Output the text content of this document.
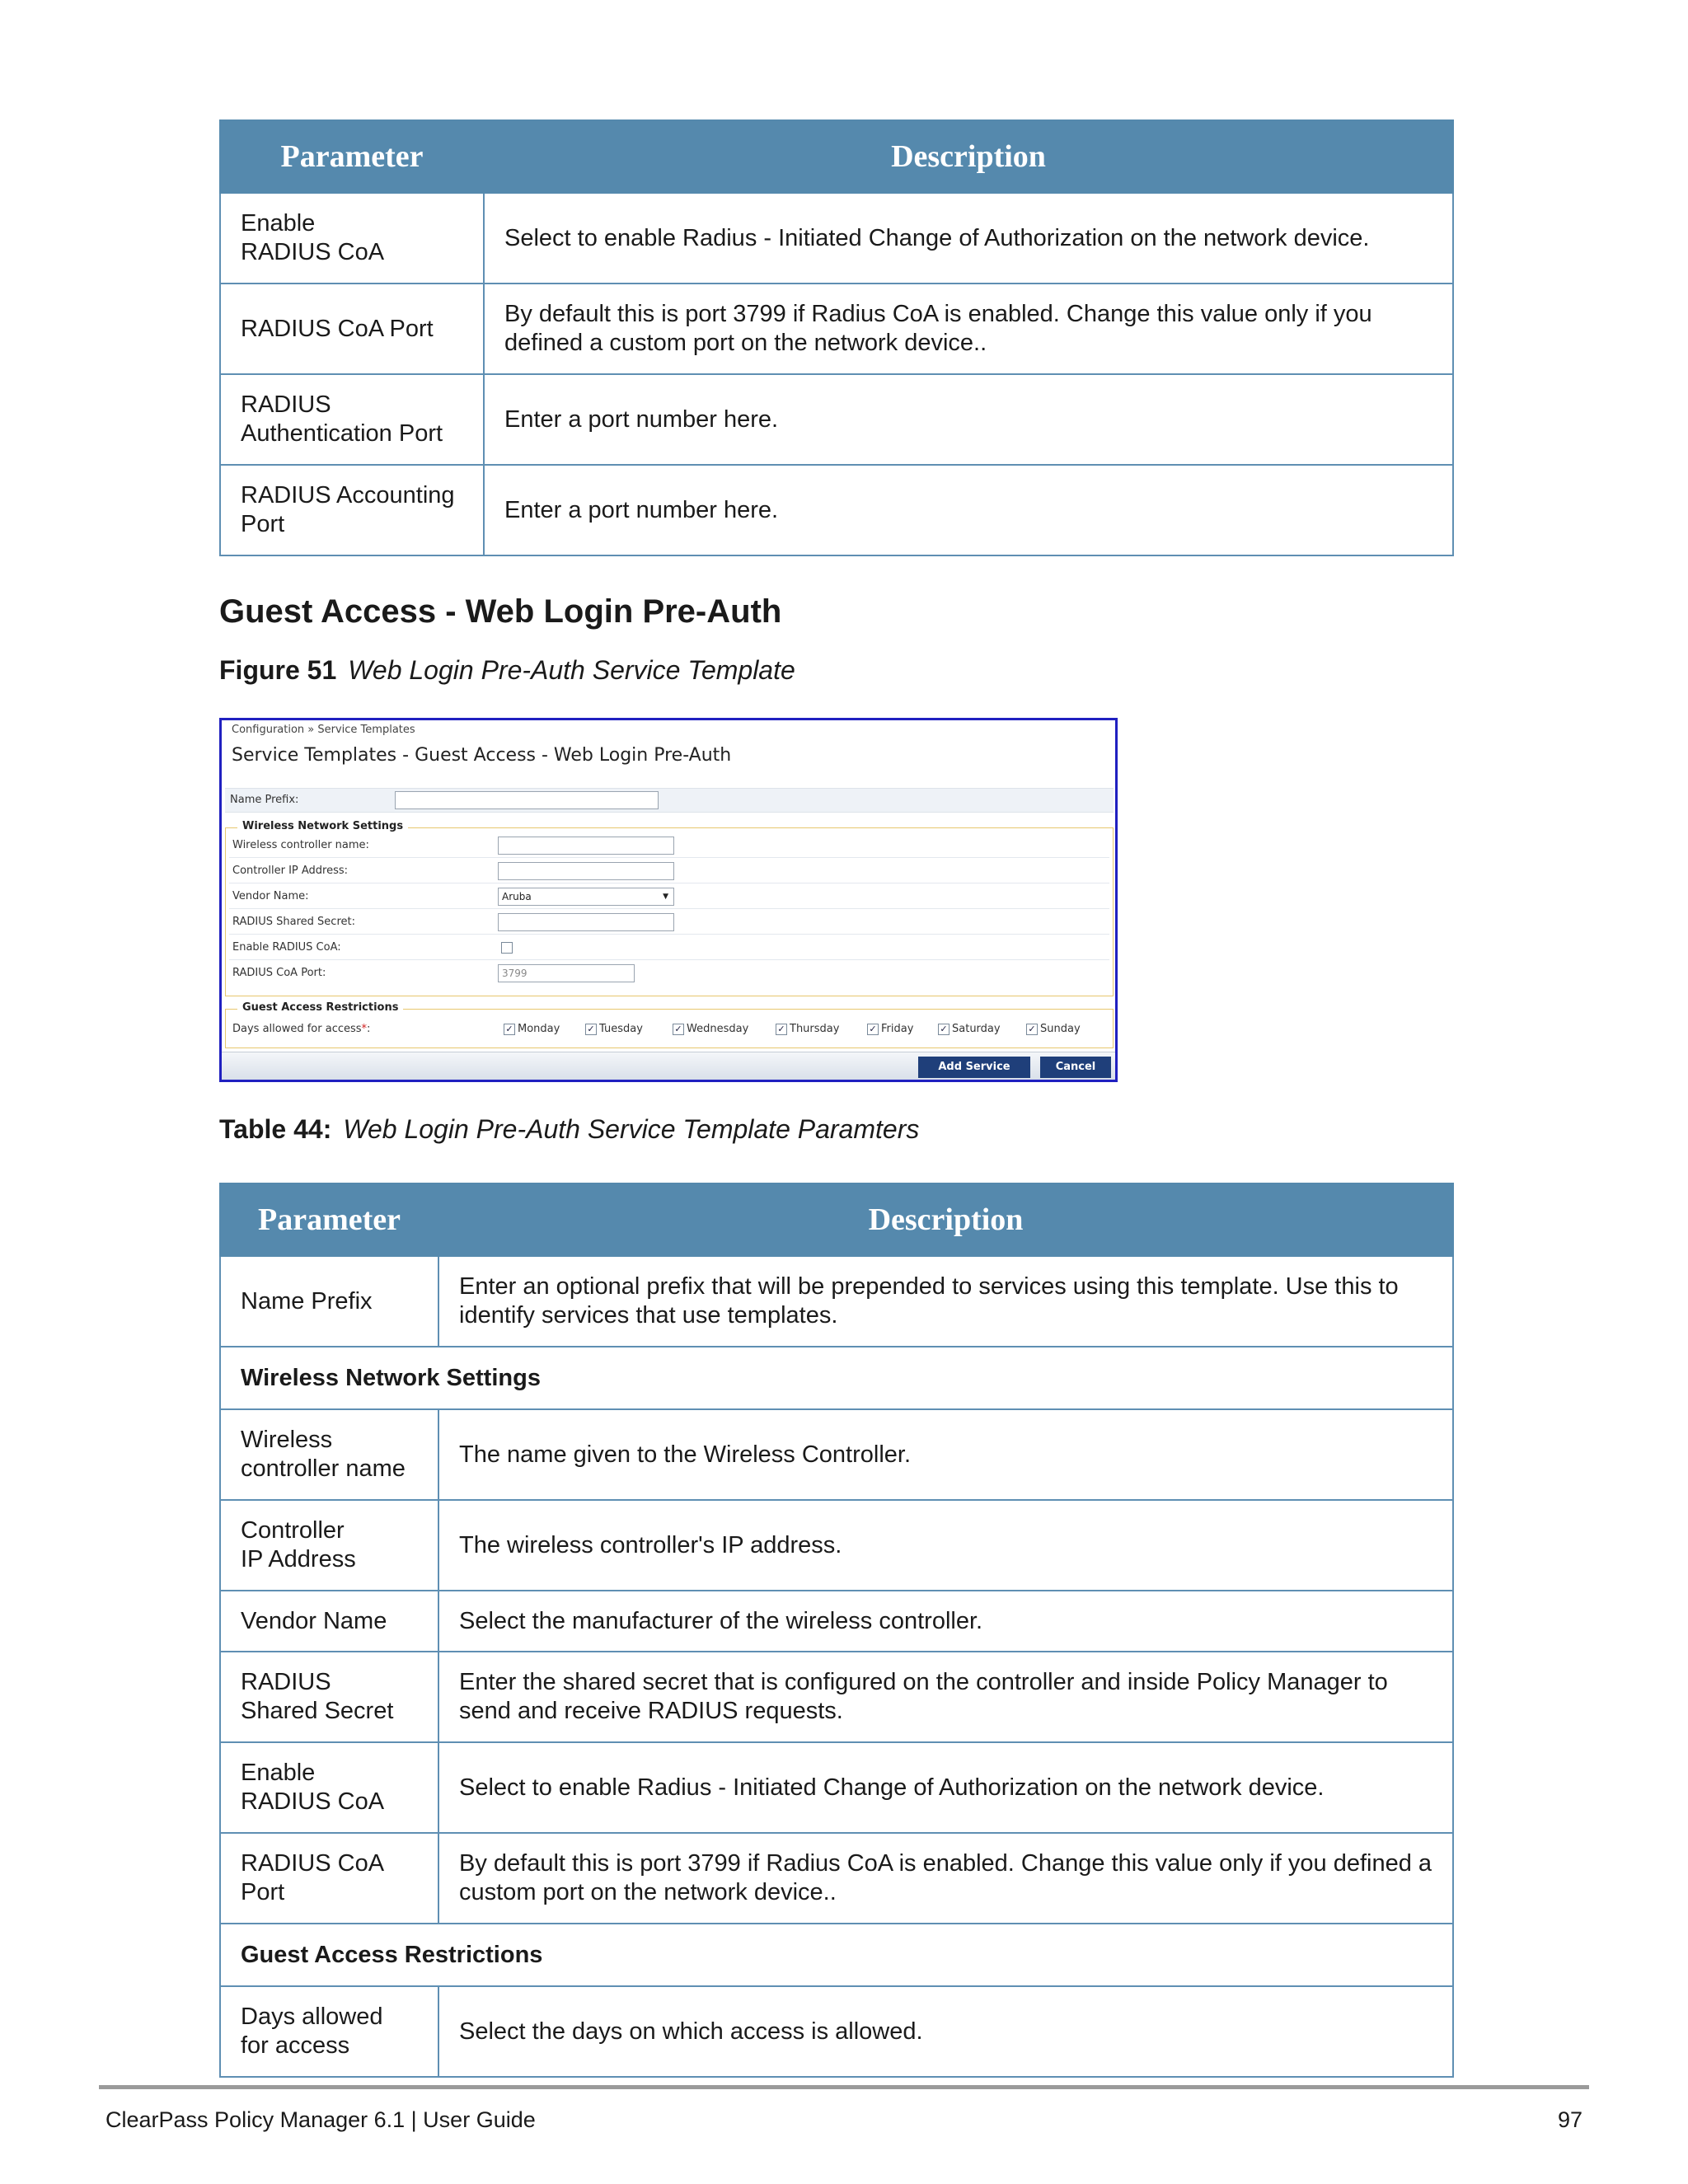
Parameter	Description
Enable
RADIUS CoA	Select to enable Radius - Initiated Change of Authorization on the network device.
RADIUS CoA Port	By default this is port 3799 if Radius CoA is enabled. Change this value only if you defined a custom port on the network device..
RADIUS
Authentication Port	Enter a port number here.
RADIUS Accounting
Port	Enter a port number here.
Guest Access - Web Login Pre-Auth
Figure 51 Web Login Pre-Auth Service Template
Configuration » Service Templates
Service Templates - Guest Access - Web Login Pre-Auth
Name Prefix:
Wireless Network Settings
Wireless controller name:
Controller IP Address:
Vendor Name:	Aruba	▼
RADIUS Shared Secret:
Enable RADIUS CoA:
RADIUS CoA Port:	3799
Guest Access Restrictions
Days allowed for access*:	✓ Monday	✓ Tuesday	✓ Wednesday	✓ Thursday	✓ Friday	✓ Saturday	✓ Sunday
Add Service	Cancel
Table 44: Web Login Pre-Auth Service Template Paramters
Parameter	Description
Name Prefix	Enter an optional prefix that will be prepended to services using this template. Use this to identify services that use templates.
Wireless Network Settings	
Wireless
controller name	The name given to the Wireless Controller.
Controller
IP Address	The wireless controller's IP address.
Vendor Name	Select the manufacturer of the wireless controller.
RADIUS
Shared Secret	Enter the shared secret that is configured on the controller and inside Policy Manager to send and receive RADIUS requests.
Enable
RADIUS CoA	Select to enable Radius - Initiated Change of Authorization on the network device.
RADIUS CoA
Port	By default this is port 3799 if Radius CoA is enabled. Change this value only if you defined a custom port on the network device..
Guest Access Restrictions	
Days allowed
for access	Select the days on which access is allowed.
ClearPass Policy Manager 6.1 | User Guide	97
